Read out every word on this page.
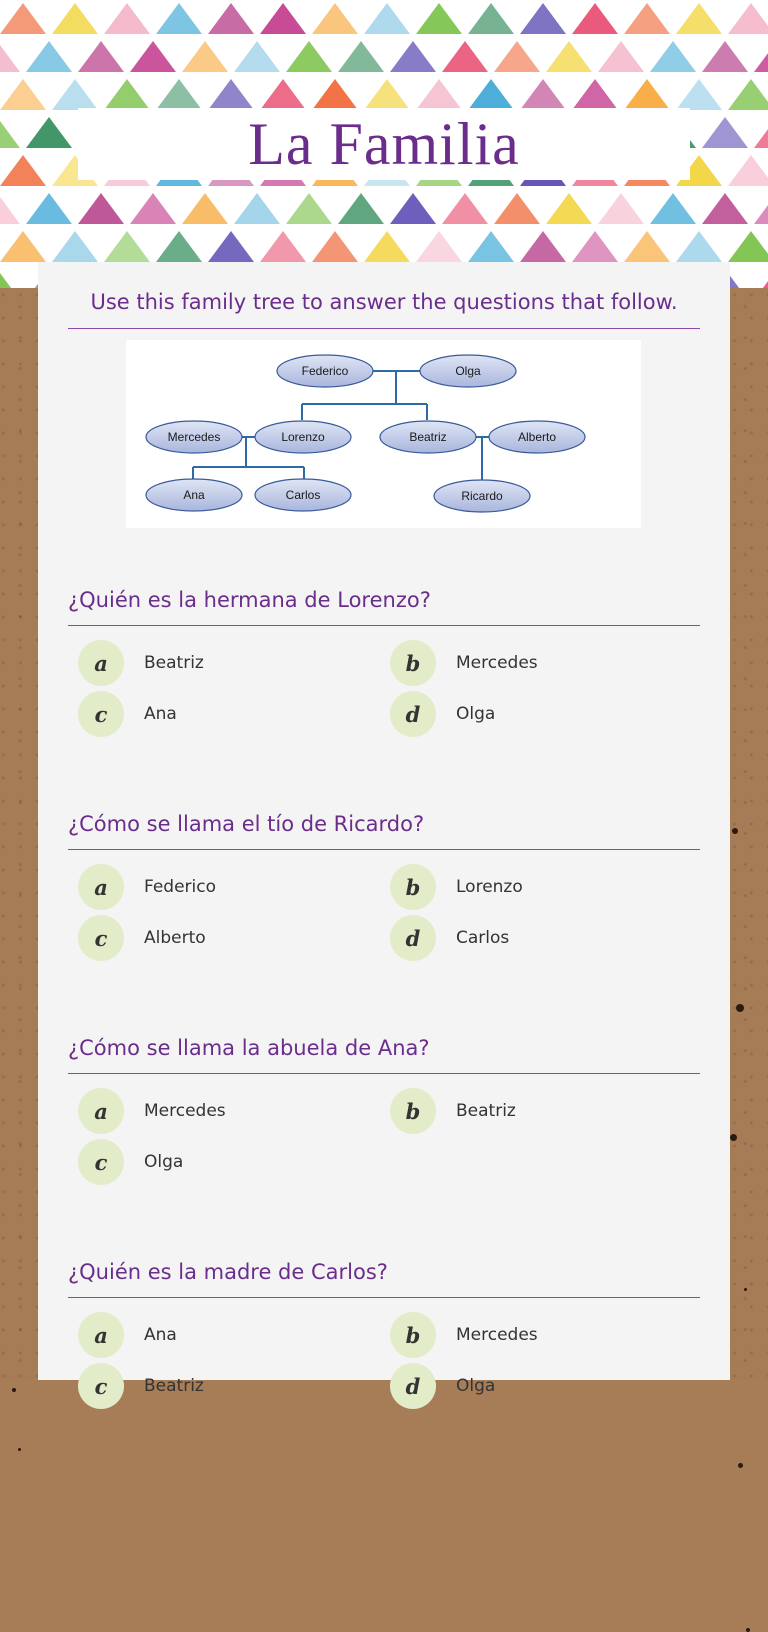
La Familia
Use this family tree to answer the questions that follow.
Federico	Olga
Mercedes	Lorenzo	Beatriz	Alberto
Ana	Carlos	Ricardo
¿Quién es la hermana de Lorenzo?
a	Beatriz	b	Mercedes
c	Ana	d	Olga
¿Cómo se llama el tío de Ricardo?
a	Federico	b	Lorenzo
c	Alberto	d	Carlos
¿Cómo se llama la abuela de Ana?
a	Mercedes	b	Beatriz
c	Olga
¿Quién es la madre de Carlos?
a	Ana	b	Mercedes
c	Beatriz	d	Olga
